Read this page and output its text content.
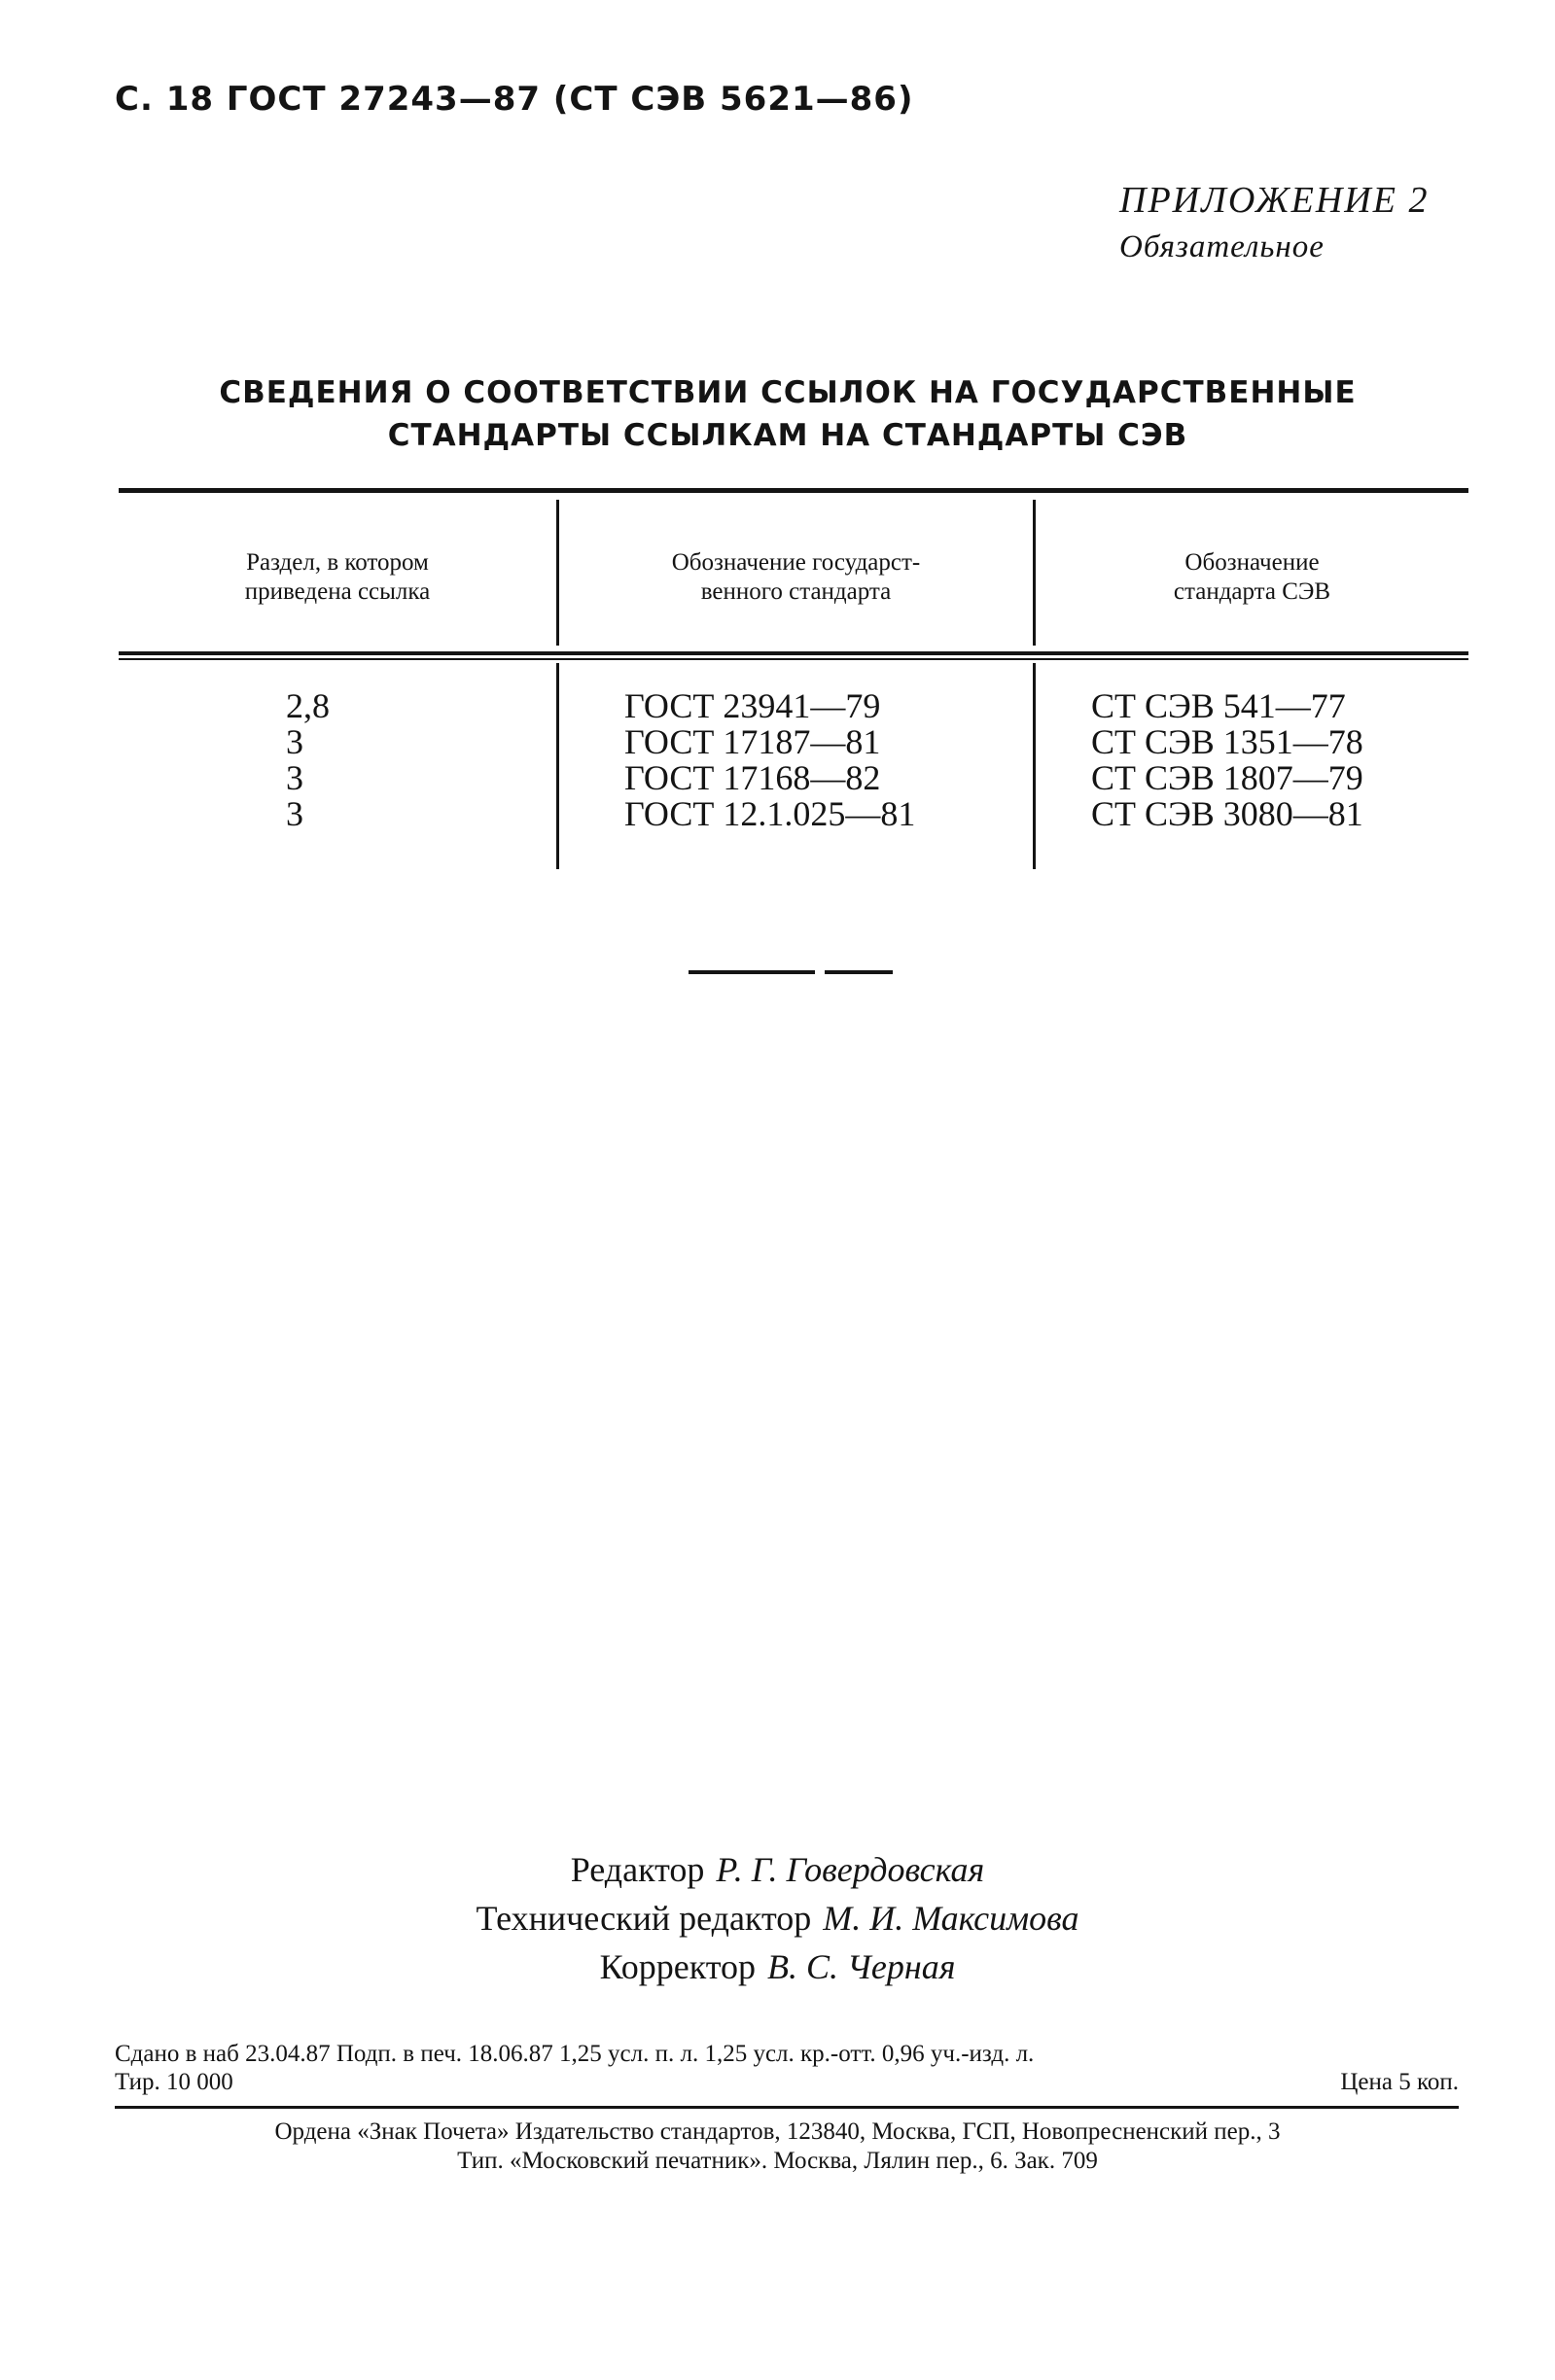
С. 18 ГОСТ 27243—87 (СТ СЭВ 5621—86)
ПРИЛОЖЕНИЕ 2
Обязательное
СВЕДЕНИЯ О СООТВЕТСТВИИ ССЫЛОК НА ГОСУДАРСТВЕННЫЕ
СТАНДАРТЫ ССЫЛКАМ НА СТАНДАРТЫ СЭВ
Раздел, в котором
приведена ссылка
Обозначение государст-
венного стандарта
Обозначение
стандарта СЭВ
2,8
3
3
3
ГОСТ 23941—79
ГОСТ 17187—81
ГОСТ 17168—82
ГОСТ 12.1.025—81
СТ СЭВ 541—77
СТ СЭВ 1351—78
СТ СЭВ 1807—79
СТ СЭВ 3080—81
Редактор Р. Г. Говердовская
Технический редактор М. И. Максимова
Корректор В. С. Черная
Сдано в наб 23.04.87 Подп. в печ. 18.06.87 1,25 усл. п. л. 1,25 усл. кр.-отт. 0,96 уч.-изд. л.
Тир. 10 000	Цена 5 коп.
Ордена «Знак Почета» Издательство стандартов, 123840, Москва, ГСП, Новопресненский пер., 3
Тип. «Московский печатник». Москва, Лялин пер., 6. Зак. 709
